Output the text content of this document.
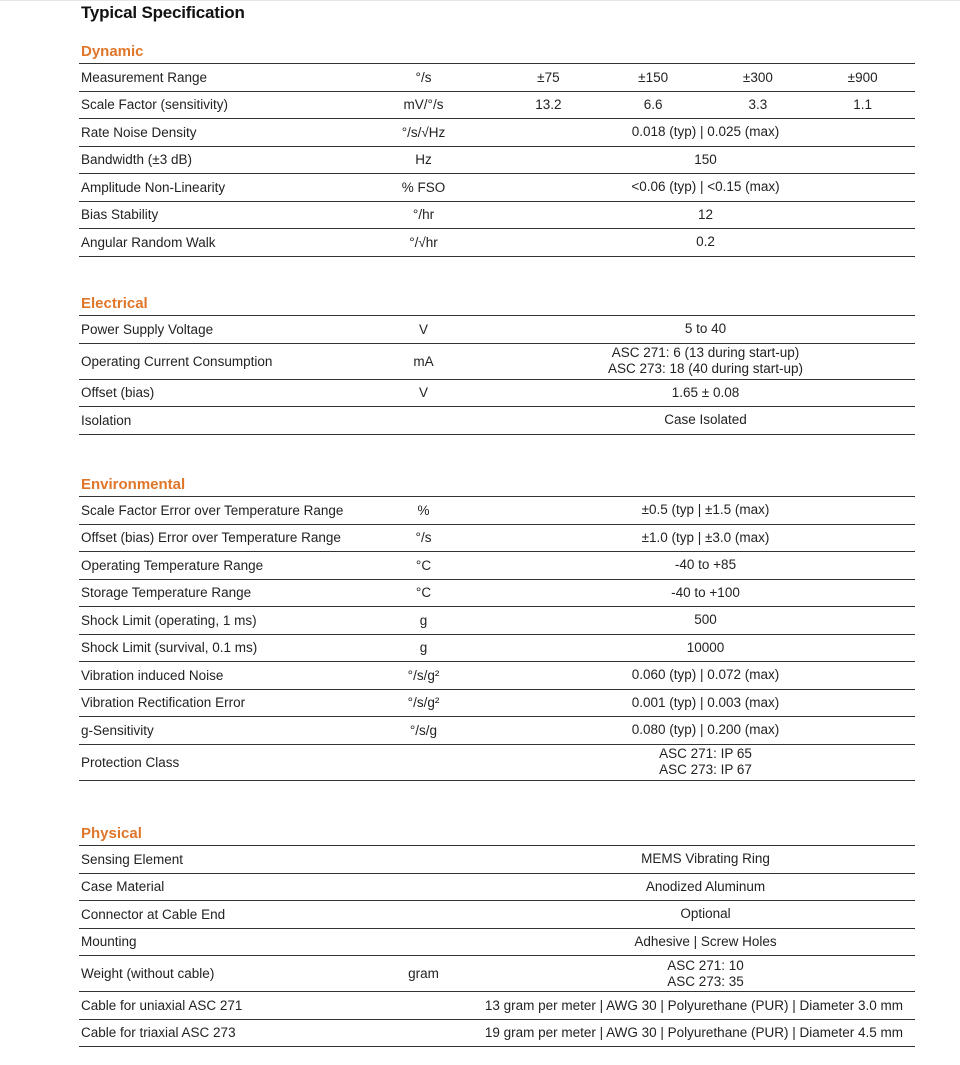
Typical Specification
Dynamic
Measurement Range	°/s	±75	±150	±300	±900
Scale Factor (sensitivity)	mV/°/s	13.2	6.6	3.3	1.1
Rate Noise Density	°/s/√Hz	0.018 (typ) | 0.025 (max)
Bandwidth (±3 dB)	Hz	150
Amplitude Non-Linearity	% FSO	<0.06 (typ) | <0.15 (max)
Bias Stability	°/hr	12
Angular Random Walk	°/√hr	0.2
Electrical
Power Supply Voltage	V	5 to 40
Operating Current Consumption	mA
ASC 271: 6 (13 during start-up)
ASC 273: 18 (40 during start-up)
Offset (bias)	V	1.65 ± 0.08
Isolation	Case Isolated
Environmental
Scale Factor Error over Temperature Range	%	±0.5 (typ | ±1.5 (max)
Offset (bias) Error over Temperature Range	°/s	±1.0 (typ | ±3.0 (max)
Operating Temperature Range	°C	-40 to +85
Storage Temperature Range	°C	-40 to +100
Shock Limit (operating, 1 ms)	g	500
Shock Limit (survival, 0.1 ms)	g	10000
Vibration induced Noise	°/s/g²	0.060 (typ) | 0.072 (max)
Vibration Rectification Error	°/s/g²	0.001 (typ) | 0.003 (max)
g-Sensitivity	°/s/g	0.080 (typ) | 0.200 (max)
Protection Class
ASC 271: IP 65
ASC 273: IP 67
Physical
Sensing Element	MEMS Vibrating Ring
Case Material	Anodized Aluminum
Connector at Cable End	Optional
Mounting	Adhesive | Screw Holes
Weight (without cable)	gram
ASC 271: 10
ASC 273: 35
Cable for uniaxial ASC 271	13 gram per meter | AWG 30 | Polyurethane (PUR) | Diameter 3.0 mm
Cable for triaxial ASC 273	19 gram per meter | AWG 30 | Polyurethane (PUR) | Diameter 4.5 mm
